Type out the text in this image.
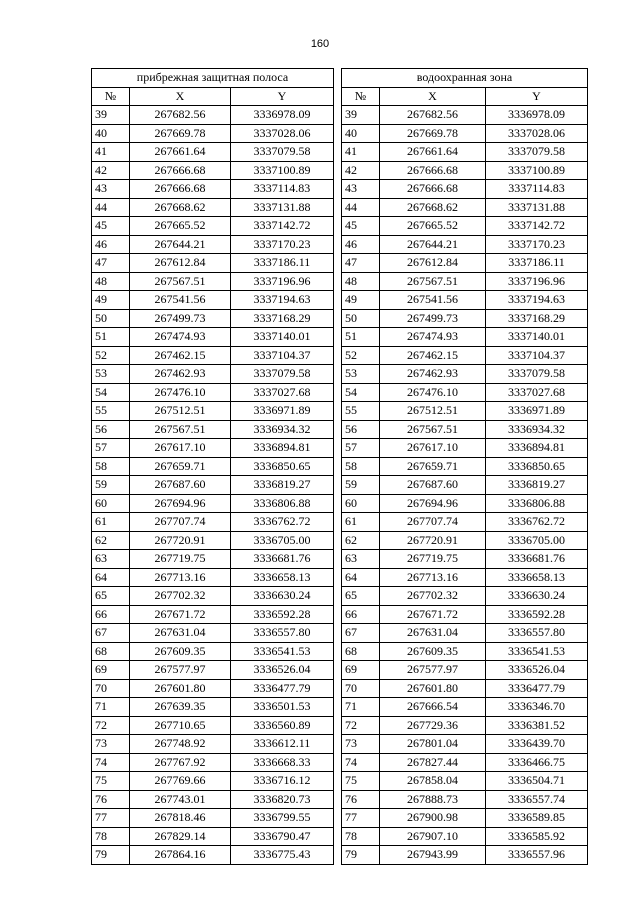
160
прибрежная защитная полоса		
№	X	Y
39	267682.56	3336978.09
40	267669.78	3337028.06
41	267661.64	3337079.58
42	267666.68	3337100.89
43	267666.68	3337114.83
44	267668.62	3337131.88
45	267665.52	3337142.72
46	267644.21	3337170.23
47	267612.84	3337186.11
48	267567.51	3337196.96
49	267541.56	3337194.63
50	267499.73	3337168.29
51	267474.93	3337140.01
52	267462.15	3337104.37
53	267462.93	3337079.58
54	267476.10	3337027.68
55	267512.51	3336971.89
56	267567.51	3336934.32
57	267617.10	3336894.81
58	267659.71	3336850.65
59	267687.60	3336819.27
60	267694.96	3336806.88
61	267707.74	3336762.72
62	267720.91	3336705.00
63	267719.75	3336681.76
64	267713.16	3336658.13
65	267702.32	3336630.24
66	267671.72	3336592.28
67	267631.04	3336557.80
68	267609.35	3336541.53
69	267577.97	3336526.04
70	267601.80	3336477.79
71	267639.35	3336501.53
72	267710.65	3336560.89
73	267748.92	3336612.11
74	267767.92	3336668.33
75	267769.66	3336716.12
76	267743.01	3336820.73
77	267818.46	3336799.55
78	267829.14	3336790.47
79	267864.16	3336775.43
водоохранная зона		
№	X	Y
39	267682.56	3336978.09
40	267669.78	3337028.06
41	267661.64	3337079.58
42	267666.68	3337100.89
43	267666.68	3337114.83
44	267668.62	3337131.88
45	267665.52	3337142.72
46	267644.21	3337170.23
47	267612.84	3337186.11
48	267567.51	3337196.96
49	267541.56	3337194.63
50	267499.73	3337168.29
51	267474.93	3337140.01
52	267462.15	3337104.37
53	267462.93	3337079.58
54	267476.10	3337027.68
55	267512.51	3336971.89
56	267567.51	3336934.32
57	267617.10	3336894.81
58	267659.71	3336850.65
59	267687.60	3336819.27
60	267694.96	3336806.88
61	267707.74	3336762.72
62	267720.91	3336705.00
63	267719.75	3336681.76
64	267713.16	3336658.13
65	267702.32	3336630.24
66	267671.72	3336592.28
67	267631.04	3336557.80
68	267609.35	3336541.53
69	267577.97	3336526.04
70	267601.80	3336477.79
71	267666.54	3336346.70
72	267729.36	3336381.52
73	267801.04	3336439.70
74	267827.44	3336466.75
75	267858.04	3336504.71
76	267888.73	3336557.74
77	267900.98	3336589.85
78	267907.10	3336585.92
79	267943.99	3336557.96
